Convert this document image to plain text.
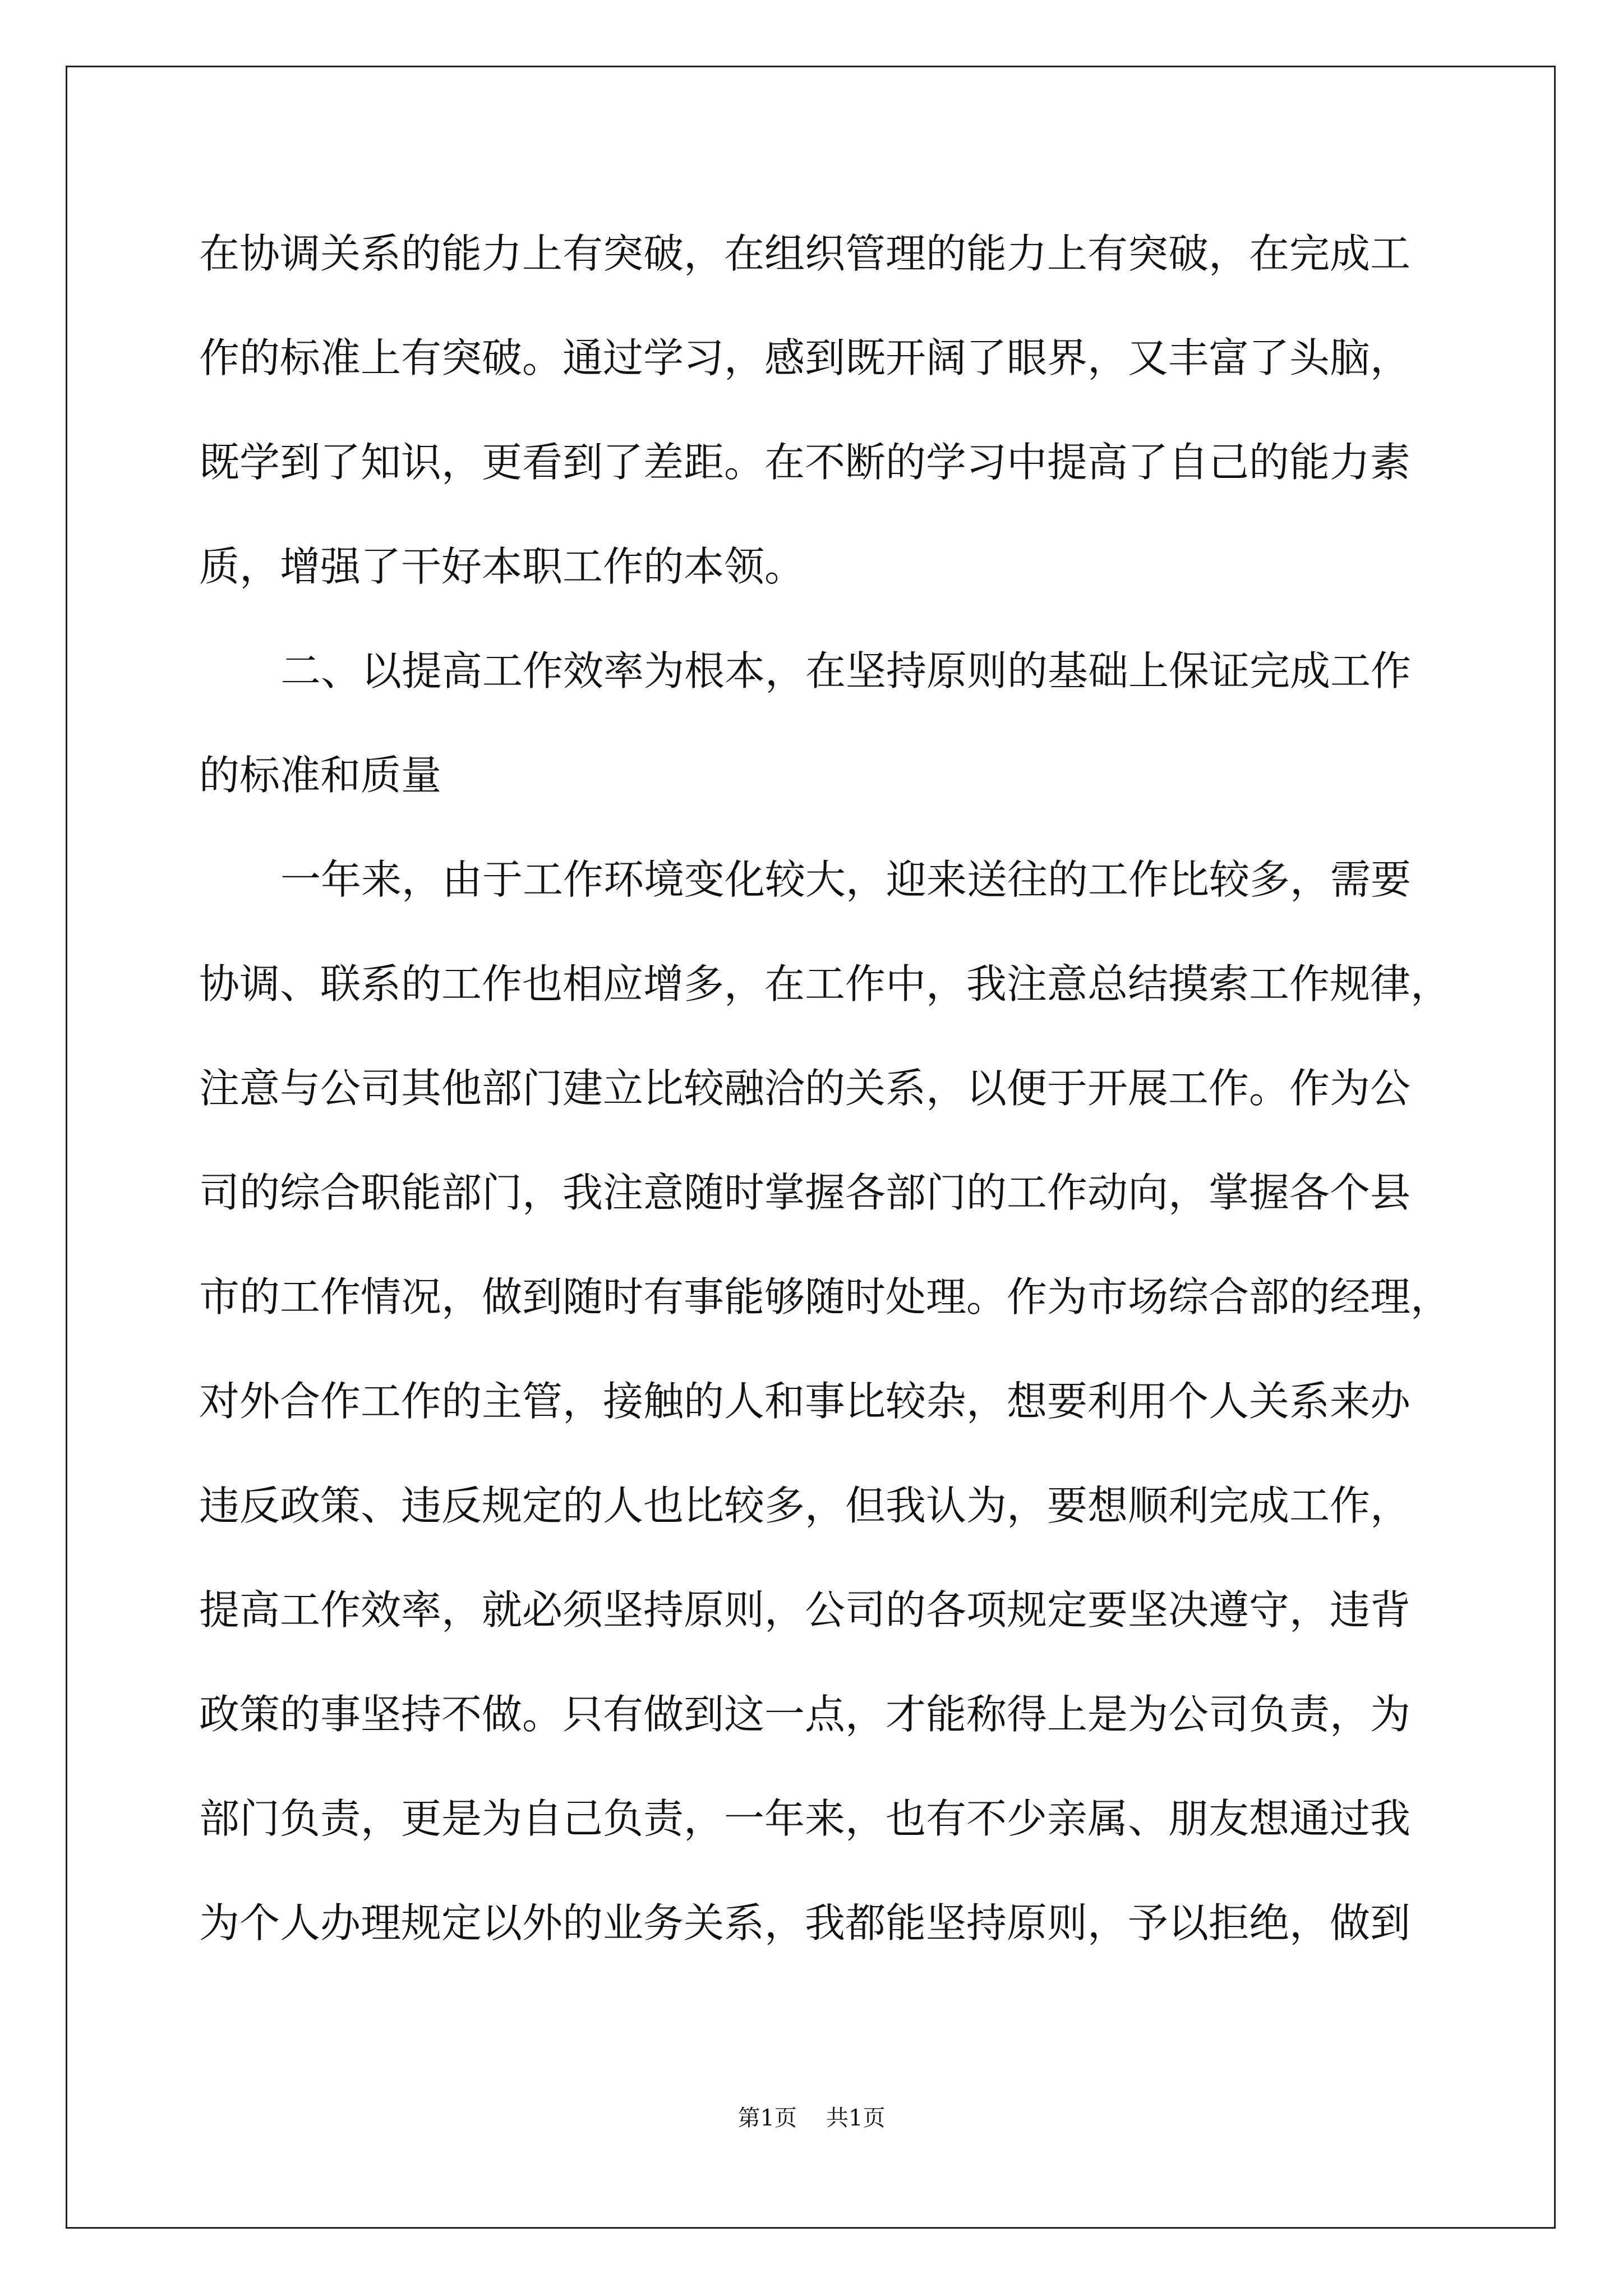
在协调关系的能力上有突破，在组织管理的能力上有突破，在完成工

作的标准上有突破。通过学习，感到既开阔了眼界，又丰富了头脑，

既学到了知识，更看到了差距。在不断的学习中提高了自己的能力素

质，增强了干好本职工作的本领。

二、以提高工作效率为根本，在坚持原则的基础上保证完成工作

的标准和质量

一年来，由于工作环境变化较大，迎来送往的工作比较多，需要

协调、联系的工作也相应增多，在工作中，我注意总结摸索工作规律，

注意与公司其他部门建立比较融洽的关系，以便于开展工作。作为公

司的综合职能部门，我注意随时掌握各部门的工作动向，掌握各个县

市的工作情况，做到随时有事能够随时处理。作为市场综合部的经理，

对外合作工作的主管，接触的人和事比较杂，想要利用个人关系来办

违反政策、违反规定的人也比较多，但我认为，要想顺利完成工作，

提高工作效率，就必须坚持原则，公司的各项规定要坚决遵守，违背

政策的事坚持不做。只有做到这一点，才能称得上是为公司负责，为

部门负责，更是为自己负责，一年来，也有不少亲属、朋友想通过我

为个人办理规定以外的业务关系，我都能坚持原则，予以拒绝，做到

第1页 共1页
